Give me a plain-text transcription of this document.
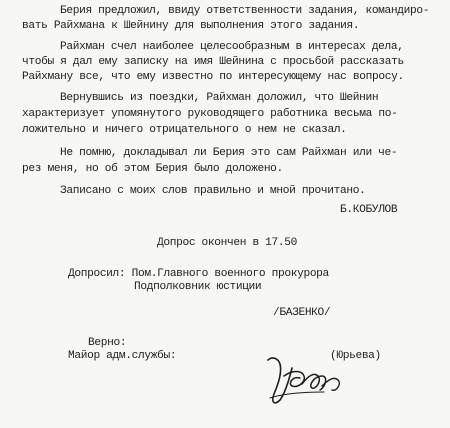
Берия предложил, ввиду ответственности задания, командиро-
вать Райхмана к Шейнину для выполнения этого задания.
Райхман счел наиболее целесообразным в интересах дела,
чтобы я дал ему записку на имя Шейнина с просьбой рассказать
Райхману все, что ему известно по интересующему нас вопросу.
Вернувшись из поездки, Райхман доложил, что Шейнин
характеризует упомянутого руководящего работника весьма по-
ложительно и ничего отрицательного о нем не сказал.
Не помню, докладывал ли Берия это сам Райхман или че-
рез меня, но об этом Берия было доложено.
Записано с моих слов правильно и мной прочитано.
Б.КОБУЛОВ
Допрос окончен в 17.50
Допросил: Пом.Главного военного прокурора
Подполковник юстиции
/БАЗЕНКО/
Верно:
Майор адм.службы:	(Юрьева)
